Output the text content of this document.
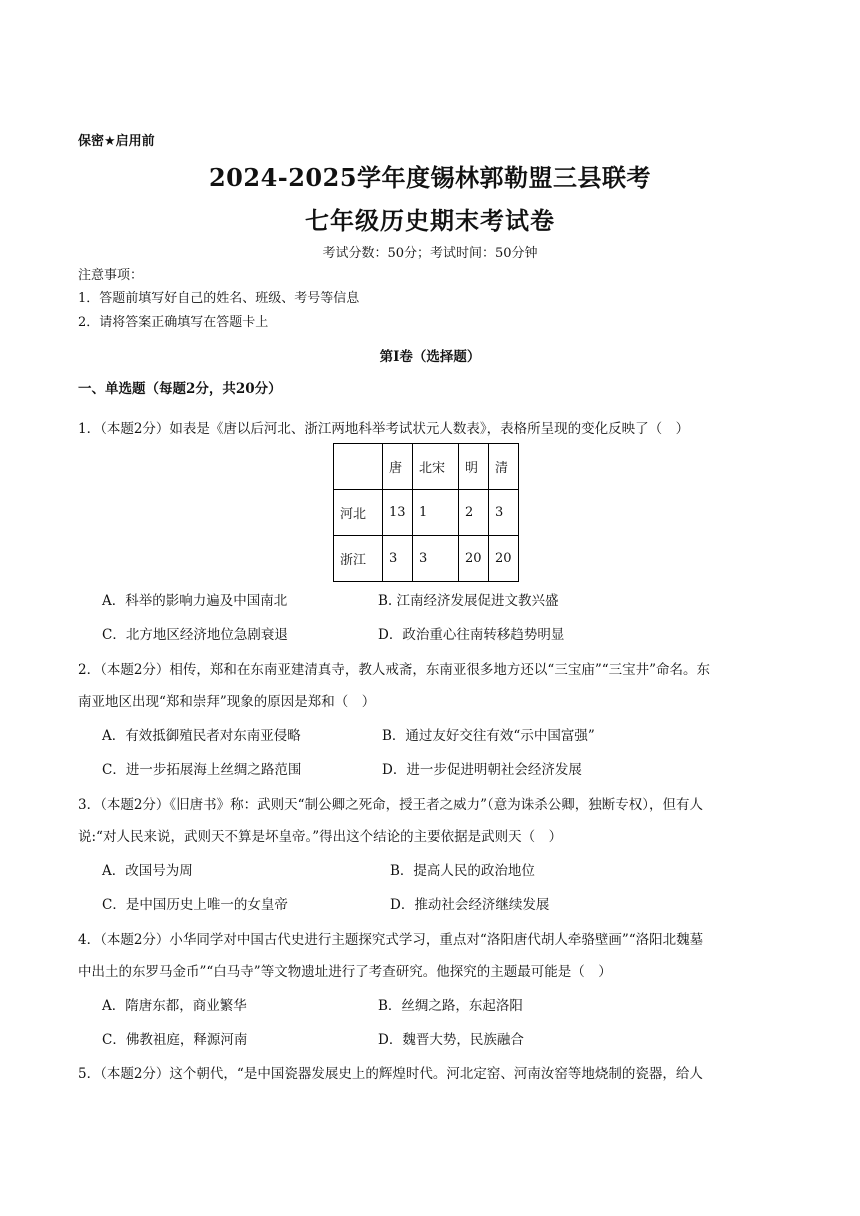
保密★启用前
2024-2025学年度锡林郭勒盟三县联考
七年级历史期末考试卷
考试分数：50分；考试时间：50分钟
注意事项：
1．答题前填写好自己的姓名、班级、考号等信息
2．请将答案正确填写在答题卡上
第I卷（选择题）
一、单选题（每题2分，共20分）
1．（本题2分）如表是《唐以后河北、浙江两地科举考试状元人数表》，表格所呈现的变化反映了（　）
	唐	北宋	明	清
河北	13	1	2	3
浙江	3	3	20	20
A．科举的影响力遍及中国南北	B. 江南经济发展促进文教兴盛
C．北方地区经济地位急剧衰退	D．政治重心往南转移趋势明显
2．（本题2分）相传，郑和在东南亚建清真寺，教人戒斋，东南亚很多地方还以“三宝庙”“三宝井”命名。东
南亚地区出现“郑和崇拜”现象的原因是郑和（　）
A．有效抵御殖民者对东南亚侵略	B．通过友好交往有效“示中国富强”
C．进一步拓展海上丝绸之路范围	D．进一步促进明朝社会经济发展
3．（本题2分）《旧唐书》称：武则天“制公卿之死命，授王者之威力”（意为诛杀公卿，独断专权），但有人
说:“对人民来说，武则天不算是坏皇帝。”得出这个结论的主要依据是武则天（　）
A．改国号为周	B．提高人民的政治地位
C．是中国历史上唯一的女皇帝	D．推动社会经济继续发展
4．（本题2分）小华同学对中国古代史进行主题探究式学习，重点对“洛阳唐代胡人牵骆壁画”“洛阳北魏墓
中出土的东罗马金币”“白马寺”等文物遗址进行了考查研究。他探究的主题最可能是（　）
A．隋唐东都，商业繁华	B．丝绸之路，东起洛阳
C．佛教祖庭，释源河南	D．魏晋大势，民族融合
5．（本题2分）这个朝代，“是中国瓷器发展史上的辉煌时代。河北定窑、河南汝窑等地烧制的瓷器，给人
